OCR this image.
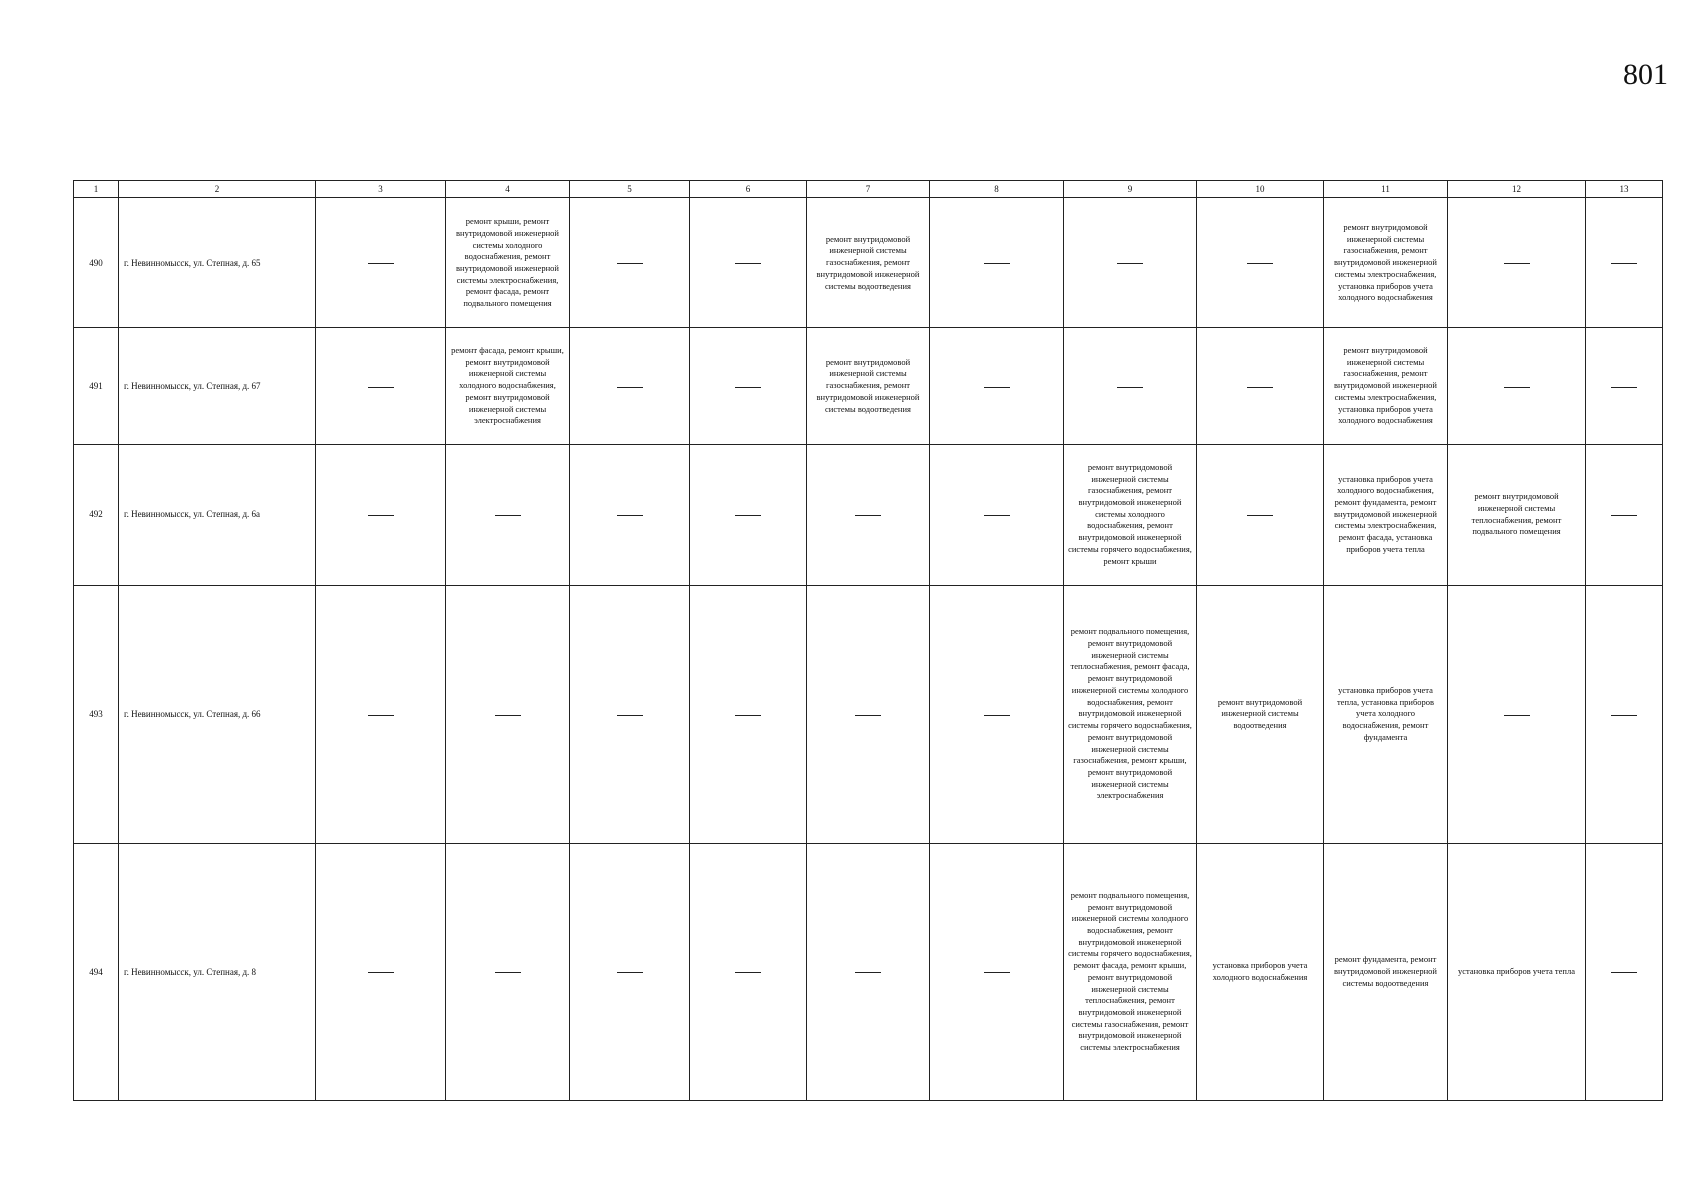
801
1	2	3	4	5	6	7	8	9	10	11	12	13
490	г. Невинномысск, ул. Степная, д. 65		ремонт крыши, ремонт внутридомовой инженерной системы холодного водоснабжения, ремонт внутридомовой инженерной системы электроснабжения, ремонт фасада, ремонт подвального помещения			ремонт внутридомовой инженерной системы газоснабжения, ремонт внутридомовой инженерной системы водоотведения				ремонт внутридомовой инженерной системы газоснабжения, ремонт внутридомовой инженерной системы электроснабжения, установка приборов учета холодного водоснабжения		
491	г. Невинномысск, ул. Степная, д. 67		ремонт фасада, ремонт крыши, ремонт внутридомовой инженерной системы холодного водоснабжения, ремонт внутридомовой инженерной системы электроснабжения			ремонт внутридомовой инженерной системы газоснабжения, ремонт внутридомовой инженерной системы водоотведения				ремонт внутридомовой инженерной системы газоснабжения, ремонт внутридомовой инженерной системы электроснабжения, установка приборов учета холодного водоснабжения		
492	г. Невинномысск, ул. Степная, д. 6а							ремонт внутридомовой инженерной системы газоснабжения, ремонт внутридомовой инженерной системы холодного водоснабжения, ремонт внутридомовой инженерной системы горячего водоснабжения, ремонт крыши		установка приборов учета холодного водоснабжения, ремонт фундамента, ремонт внутридомовой инженерной системы электроснабжения, ремонт фасада, установка приборов учета тепла	ремонт внутридомовой инженерной системы теплоснабжения, ремонт подвального помещения	
493	г. Невинномысск, ул. Степная, д. 66							ремонт подвального помещения, ремонт внутридомовой инженерной системы теплоснабжения, ремонт фасада, ремонт внутридомовой инженерной системы холодного водоснабжения, ремонт внутридомовой инженерной системы горячего водоснабжения, ремонт внутридомовой инженерной системы газоснабжения, ремонт крыши, ремонт внутридомовой инженерной системы электроснабжения	ремонт внутридомовой инженерной системы водоотведения	установка приборов учета тепла, установка приборов учета холодного водоснабжения, ремонт фундамента		
494	г. Невинномысск, ул. Степная, д. 8							ремонт подвального помещения, ремонт внутридомовой инженерной системы холодного водоснабжения, ремонт внутридомовой инженерной системы горячего водоснабжения, ремонт фасада, ремонт крыши, ремонт внутридомовой инженерной системы теплоснабжения, ремонт внутридомовой инженерной системы газоснабжения, ремонт внутридомовой инженерной системы электроснабжения	установка приборов учета холодного водоснабжения	ремонт фундамента, ремонт внутридомовой инженерной системы водоотведения	установка приборов учета тепла	
